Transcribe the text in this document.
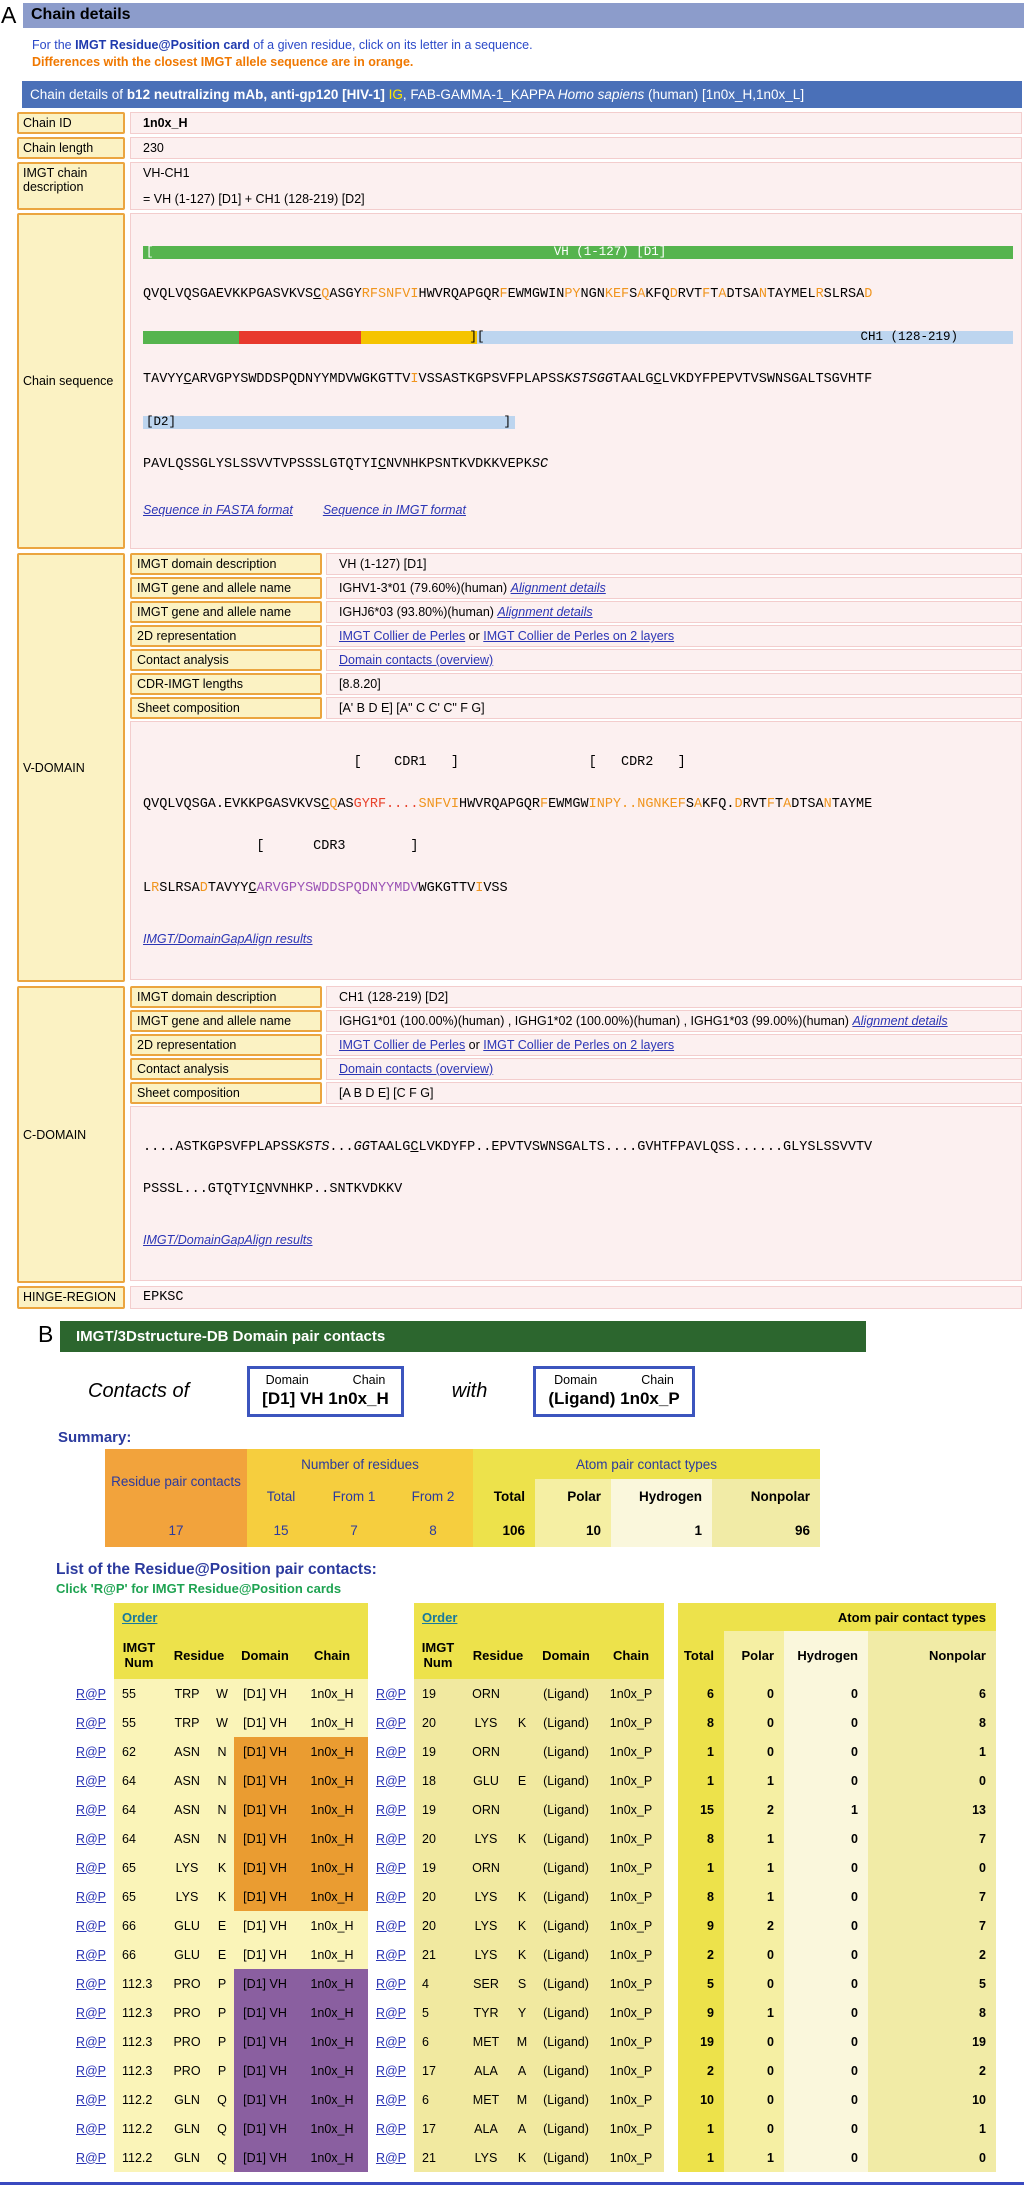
A Chain details
For the IMGT Residue@Position card of a given residue, click on its letter in a sequence.
Differences with the closest IMGT allele sequence are in orange.
Chain details of b12 neutralizing mAb, anti-gp120 [HIV-1] IG, FAB-GAMMA-1_KAPPA Homo sapiens (human) [1n0x_H,1n0x_L]
Chain ID	1n0x_H
Chain length	230
IMGT chain description
VH-CH1
= VH (1-127) [D1] + CH1 (128-219) [D2]
Chain sequence

[	VH (1-127) [D1]

QVQLVQSGAEVKKPGASVKVSCQASGYRFSNFVIHWVRQAPGQRFEWMGWINPYNGNKEFSAKFQDRVTFTADTSANTAYMELRSLRSAD

] [	CH1 (128-219)

TAVYYCARVGPYSWDDSPQDNYYMDVWGKGTTVIVSSASTKGPSVFPLAPSSKSTSGGTAALGCLVKDYFPEPVTVSWNSGALTSGVHTF

[D2]	]

PAVLQSSGLYSLSSVVTVPSSSLGTQTYICNVNHKPSNTKVDKKVEPKSC

Sequence in FASTA format Sequence in IMGT format

V-DOMAIN
IMGT domain description	VH (1-127) [D1]
IMGT gene and allele name	IGHV1-3*01 (79.60%)(human) Alignment details
IMGT gene and allele name	IGHJ6*03 (93.80%)(human) Alignment details
2D representation	IMGT Collier de Perles or IMGT Collier de Perles on 2 layers
Contact analysis	Domain contacts (overview)
CDR-IMGT lengths	[8.8.20]
Sheet composition	[A' B D E] [A" C C' C" F G]

[    CDR1   ]                [   CDR2   ]

QVQLVQSGA.EVKKPGASVKVSCQASGYRF....SNFVIHWVRQAPGQRFEWMGWINPY..NGNKEFSAKFQ.DRVTFTADTSANTAYME

[      CDR3        ]

LRSLRSADTAVYYCARVGPYSWDDSPQDNYYMDVWGKGTTVIVSS

IMGT/DomainGapAlign results

C-DOMAIN
IMGT domain description	CH1 (128-219) [D2]
IMGT gene and allele name	IGHG1*01 (100.00%)(human) , IGHG1*02 (100.00%)(human) , IGHG1*03 (99.00%)(human) Alignment details
2D representation	IMGT Collier de Perles or IMGT Collier de Perles on 2 layers
Contact analysis	Domain contacts (overview)
Sheet composition	[A B D E] [C F G]

....ASTKGPSVFPLAPSSKSTS...GGTAALGCLVKDYFP..EPVTVSWNSGALTS....GVHTFPAVLQSS......GLYSLSSVVTV

PSSSL...GTQTYICNVNHKP..SNTKVDKKV

IMGT/DomainGapAlign results

HINGE-REGION	EPKSC
B	IMGT/3Dstructure-DB Domain pair contacts
Contacts of	Domain	Chain
[D1] VH 1n0x_H	with	Domain	Chain
(Ligand) 1n0x_P
Summary:
Residue pair contacts	Number of residues			Atom pair contact types			
	Total	From 1	From 2	Total	Polar	Hydrogen	Nonpolar
17	15	7	8	106	10	1	96
List of the Residue@Position pair contacts:
Click 'R@P' for IMGT Residue@Position cards
	Order						Order						Atom pair contact types			
	IMGT Num	Residue		Domain	Chain		IMGT Num	Residue		Domain	Chain		Total	Polar	Hydrogen	Nonpolar
R@P	55	TRP	W	[D1] VH	1n0x_H	R@P	19	ORN		(Ligand)	1n0x_P		6	0	0	6
R@P	55	TRP	W	[D1] VH	1n0x_H	R@P	20	LYS	K	(Ligand)	1n0x_P		8	0	0	8
R@P	62	ASN	N	[D1] VH	1n0x_H	R@P	19	ORN		(Ligand)	1n0x_P		1	0	0	1
R@P	64	ASN	N	[D1] VH	1n0x_H	R@P	18	GLU	E	(Ligand)	1n0x_P		1	1	0	0
R@P	64	ASN	N	[D1] VH	1n0x_H	R@P	19	ORN		(Ligand)	1n0x_P		15	2	1	13
R@P	64	ASN	N	[D1] VH	1n0x_H	R@P	20	LYS	K	(Ligand)	1n0x_P		8	1	0	7
R@P	65	LYS	K	[D1] VH	1n0x_H	R@P	19	ORN		(Ligand)	1n0x_P		1	1	0	0
R@P	65	LYS	K	[D1] VH	1n0x_H	R@P	20	LYS	K	(Ligand)	1n0x_P		8	1	0	7
R@P	66	GLU	E	[D1] VH	1n0x_H	R@P	20	LYS	K	(Ligand)	1n0x_P		9	2	0	7
R@P	66	GLU	E	[D1] VH	1n0x_H	R@P	21	LYS	K	(Ligand)	1n0x_P		2	0	0	2
R@P	112.3	PRO	P	[D1] VH	1n0x_H	R@P	4	SER	S	(Ligand)	1n0x_P		5	0	0	5
R@P	112.3	PRO	P	[D1] VH	1n0x_H	R@P	5	TYR	Y	(Ligand)	1n0x_P		9	1	0	8
R@P	112.3	PRO	P	[D1] VH	1n0x_H	R@P	6	MET	M	(Ligand)	1n0x_P		19	0	0	19
R@P	112.3	PRO	P	[D1] VH	1n0x_H	R@P	17	ALA	A	(Ligand)	1n0x_P		2	0	0	2
R@P	112.2	GLN	Q	[D1] VH	1n0x_H	R@P	6	MET	M	(Ligand)	1n0x_P		10	0	0	10
R@P	112.2	GLN	Q	[D1] VH	1n0x_H	R@P	17	ALA	A	(Ligand)	1n0x_P		1	0	0	1
R@P	112.2	GLN	Q	[D1] VH	1n0x_H	R@P	21	LYS	K	(Ligand)	1n0x_P		1	1	0	0
